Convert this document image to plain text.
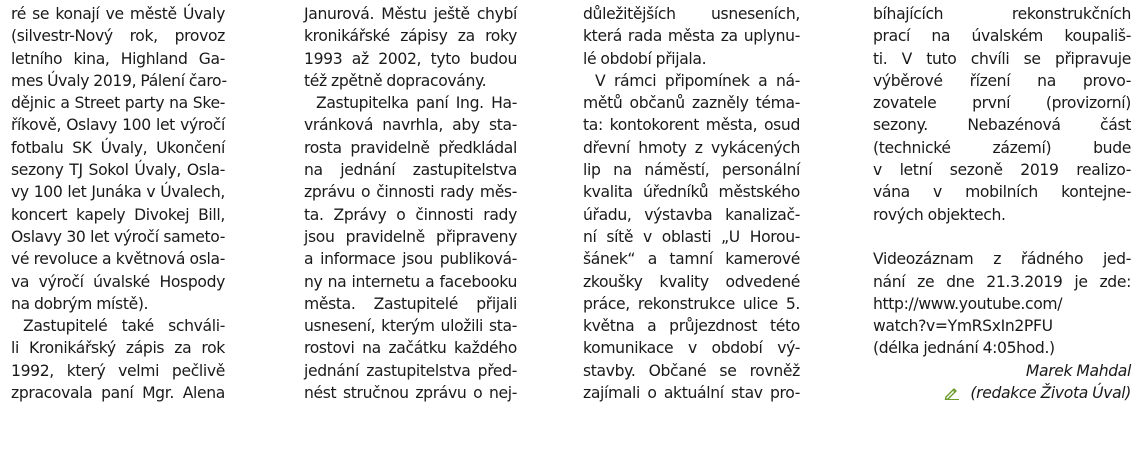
ré se konají ve městě Úvaly
(silvestr-Nový rok, provoz
letního kina, Highland Ga-
mes Úvaly 2019, Pálení čaro-
dějnic a Street party na Ske-
říkově, Oslavy 100 let výročí
fotbalu SK Úvaly, Ukončení
sezony TJ Sokol Úvaly, Osla-
vy 100 let Junáka v Úvalech,
koncert kapely Divokej Bill,
Oslavy 30 let výročí sameto-
vé revoluce a květnová osla-
va výročí úvalské Hospody
na dobrým místě).
Zastupitelé také schváli-
li Kronikářský zápis za rok
1992, který velmi pečlivě
zpracovala paní Mgr. Alena
Janurová. Městu ještě chybí
kronikářské zápisy za roky
1993 až 2002, tyto budou
též zpětně dopracovány.
Zastupitelka paní Ing. Ha-
vránková navrhla, aby sta-
rosta pravidelně předkládal
na jednání zastupitelstva
zprávu o činnosti rady měs-
ta. Zprávy o činnosti rady
jsou pravidelně připraveny
a informace jsou publiková-
ny na internetu a facebooku
města. Zastupitelé přijali
usnesení, kterým uložili sta-
rostovi na začátku každého
jednání zastupitelstva před-
nést stručnou zprávu o nej-
důležitějších usneseních,
která rada města za uplynu-
lé období přijala.
V rámci připomínek a ná-
mětů občanů zazněly téma-
ta: kontokorent města, osud
dřevní hmoty z vykácených
lip na náměstí, personální
kvalita úředníků městského
úřadu, výstavba kanalizač-
ní sítě v oblasti „U Horou-
šánek“ a tamní kamerové
zkoušky kvality odvedené
práce, rekonstrukce ulice 5.
května a průjezdnost této
komunikace v období vý-
stavby. Občané se rovněž
zajímali o aktuální stav pro-
bíhajících rekonstrukčních
prací na úvalském koupališ-
ti. V tuto chvíli se připravuje
výběrové řízení na provo-
zovatele první (provizorní)
sezony. Nebazénová část
(technické zázemí) bude
v letní sezoně 2019 realizo-
vána v mobilních kontejne-
rových objektech.
Videozáznam z řádného jed-
nání ze dne 21.3.2019 je zde:
http://www.youtube.com/
watch?v=YmRSxIn2PFU
(délka jednání 4:05hod.)
Marek Mahdal
(redakce Života Úval)
